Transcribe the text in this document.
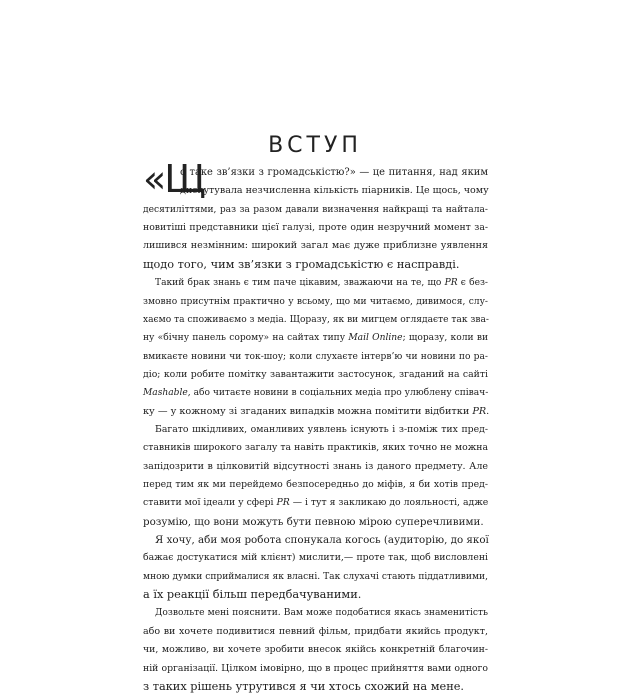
ВСТУП
«Щ
о таке зв’язки з громадськістю?» — це питання, над яким
дискутувала незчисленна кількість піарників. Це щось, чому
десятиліттями, раз за разом давали визначення найкращі та найтала-
новитіші представники цієї галузі, проте один незручний момент за-
лишився незмінним: широкий загал має дуже приблизне уявлення
щодо того, чим зв’язки з громадськістю є насправді.
Такий брак знань є тим паче цікавим, зважаючи на те, що PR є без-
змовно присутнім практично у всьому, що ми читаємо, дивимося, слу-
хаємо та споживаємо з медіа. Щоразу, як ви мигцем оглядаєте так зва-
ну «бічну панель сорому» на сайтах типу Mail Online; щоразу, коли ви
вмикаєте новини чи ток-шоу; коли слухаєте інтерв’ю чи новини по ра-
діо; коли робите помітку завантажити застосунок, згаданий на сайті
Mashable, або читаєте новини в соціальних медіа про улюблену співач-
ку — у кожному зі згаданих випадків можна помітити відбитки PR.
Багато шкідливих, оманливих уявлень існують і з-поміж тих пред-
ставників широкого загалу та навіть практиків, яких точно не можна
запідозрити в цілковитій відсутності знань із даного предмету. Але
перед тим як ми перейдемо безпосередньо до міфів, я би хотів пред-
ставити мої ідеали у сфері PR — і тут я закликаю до лояльності, адже
розумію, що вони можуть бути певною мірою суперечливими.
Я хочу, аби моя робота спонукала когось (аудиторію, до якої
бажає достукатися мій клієнт) мислити,— проте так, щоб висловлені
мною думки сприймалися як власні. Так слухачі стають піддатливими,
а їх реакції більш передбачуваними.
Дозвольте мені пояснити. Вам може подобатися якась знаменитість
або ви хочете подивитися певний фільм, придбати якийсь продукт,
чи, можливо, ви хочете зробити внесок якійсь конкретній благочин-
ній організації. Цілком імовірно, що в процес прийняття вами одного
з таких рішень утрутився я чи хтось схожий на мене.
